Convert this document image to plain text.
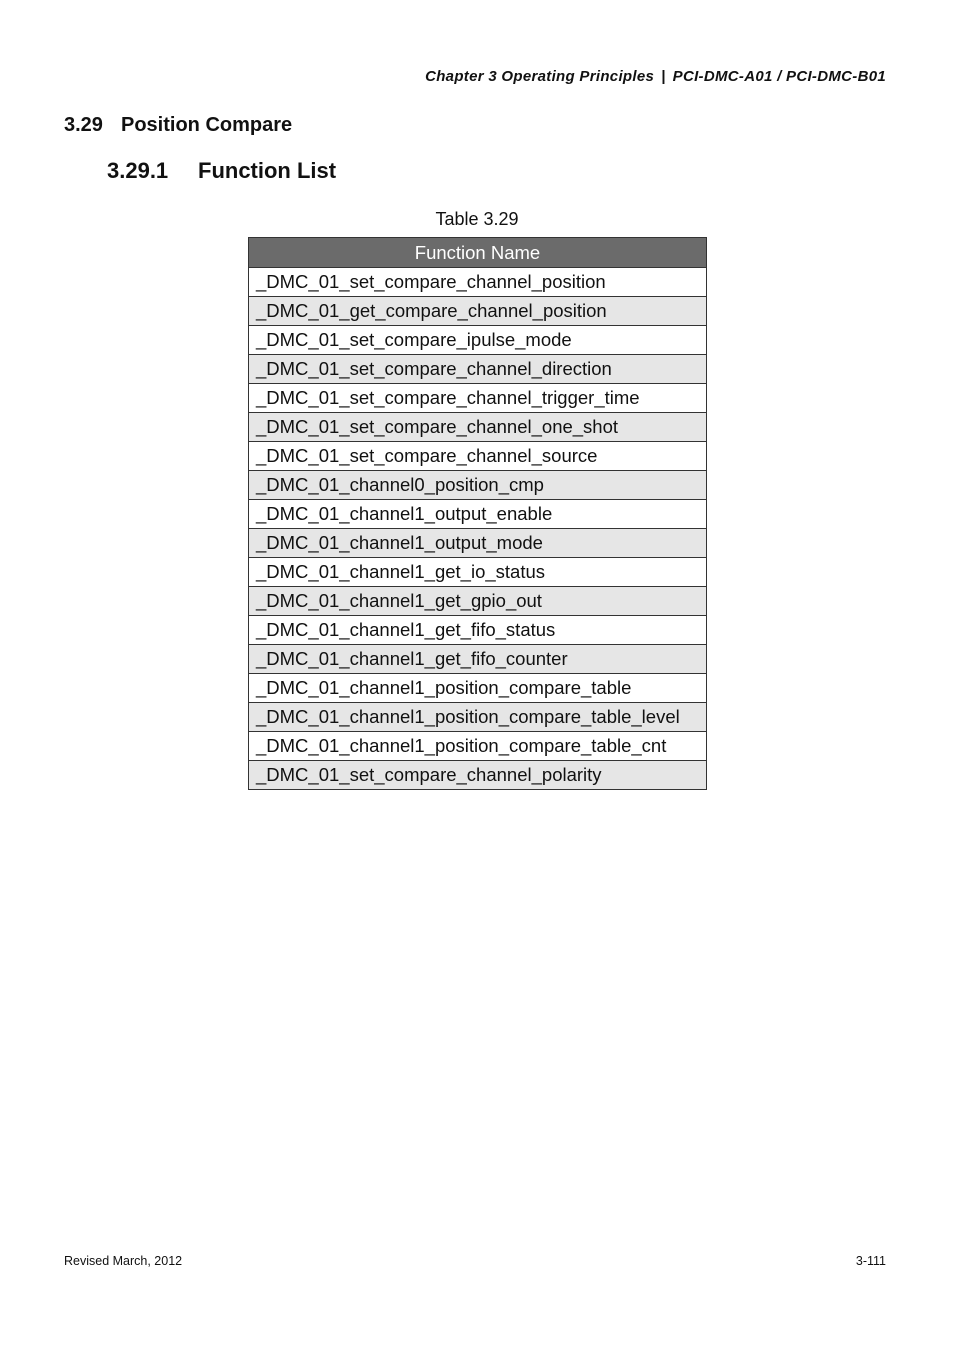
Chapter 3 Operating Principles | PCI-DMC-A01 / PCI-DMC-B01
3.29 Position Compare
3.29.1 Function List
Table 3.29
Function Name
_DMC_01_set_compare_channel_position
_DMC_01_get_compare_channel_position
_DMC_01_set_compare_ipulse_mode
_DMC_01_set_compare_channel_direction
_DMC_01_set_compare_channel_trigger_time
_DMC_01_set_compare_channel_one_shot
_DMC_01_set_compare_channel_source
_DMC_01_channel0_position_cmp
_DMC_01_channel1_output_enable
_DMC_01_channel1_output_mode
_DMC_01_channel1_get_io_status
_DMC_01_channel1_get_gpio_out
_DMC_01_channel1_get_fifo_status
_DMC_01_channel1_get_fifo_counter
_DMC_01_channel1_position_compare_table
_DMC_01_channel1_position_compare_table_level
_DMC_01_channel1_position_compare_table_cnt
_DMC_01_set_compare_channel_polarity
Revised March, 2012	3-111
